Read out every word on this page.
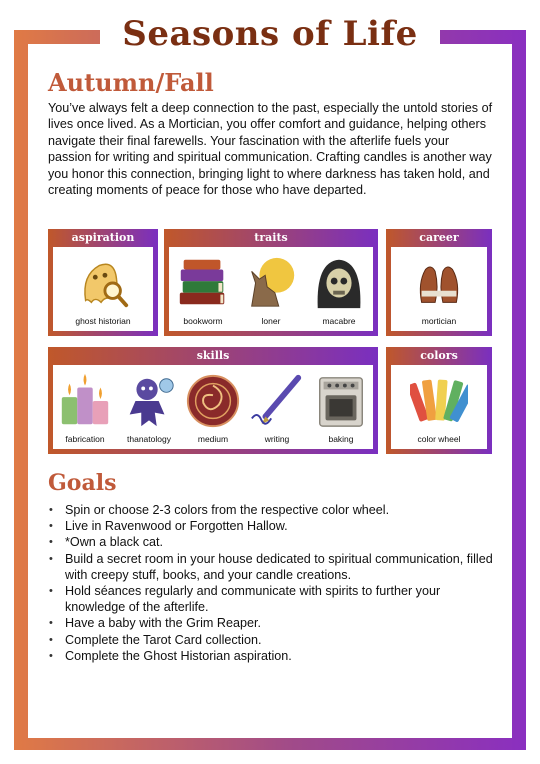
Seasons of Life
Autumn/Fall

You’ve always felt a deep connection to the past, especially the untold stories of lives once lived. As a Mortician, you offer comfort and guidance, helping others navigate their final farewells. Your fascination with the afterlife fuels your passion for writing and spiritual communication. Crafting candles is another way you honor this connection, bringing light to where darkness has taken hold, and creating moments of peace for those who have departed.

aspiration
ghost historian
traits
bookworm	loner	macabre
career
mortician
skills
fabrication	thanatology	medium	writing	baking
colors
color wheel
Goals
• Spin or choose 2-3 colors from the respective color wheel.
• Live in Ravenwood or Forgotten Hallow.
• *Own a black cat.
• Build a secret room in your house dedicated to spiritual communication, filled with creepy stuff, books, and your candle creations.
• Hold séances regularly and communicate with spirits to further your knowledge of the afterlife.
• Have a baby with the Grim Reaper.
• Complete the Tarot Card collection.
• Complete the Ghost Historian aspiration.
